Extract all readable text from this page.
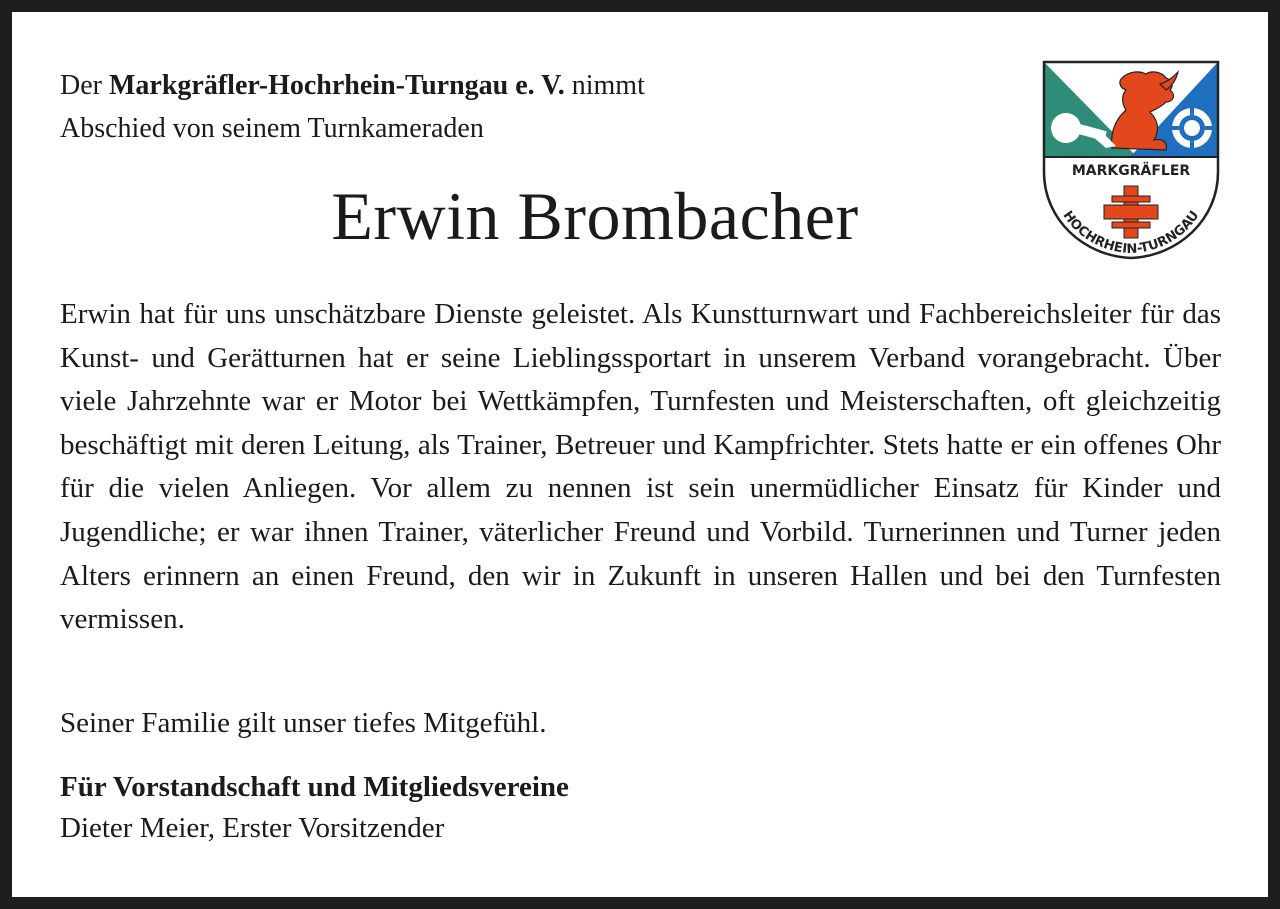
Der Markgräfler-Hochrhein-Turngau e. V. nimmt
Abschied von seinem Turnkameraden
Erwin Brombacher
MARKGRÄFLER
HOCHRHEIN-TURNGAU
Erwin hat für uns unschätzbare Dienste geleistet. Als Kunstturnwart und Fachbereichsleiter für das Kunst- und Gerätturnen hat er seine Lieblingssportart in unserem Verband vorangebracht. Über viele Jahrzehnte war er Motor bei Wettkämpfen, Turnfesten und Meisterschaften, oft gleichzeitig beschäftigt mit deren Leitung, als Trainer, Betreuer und Kampfrichter. Stets hatte er ein offenes Ohr für die vielen Anliegen. Vor allem zu nennen ist sein unermüdlicher Einsatz für Kinder und Jugendliche; er war ihnen Trainer, väterlicher Freund und Vorbild. Turnerinnen und Turner jeden Alters erinnern an einen Freund, den wir in Zukunft in unseren Hallen und bei den Turnfesten vermissen.
Seiner Familie gilt unser tiefes Mitgefühl.
Für Vorstandschaft und Mitgliedsvereine
Dieter Meier, Erster Vorsitzender
